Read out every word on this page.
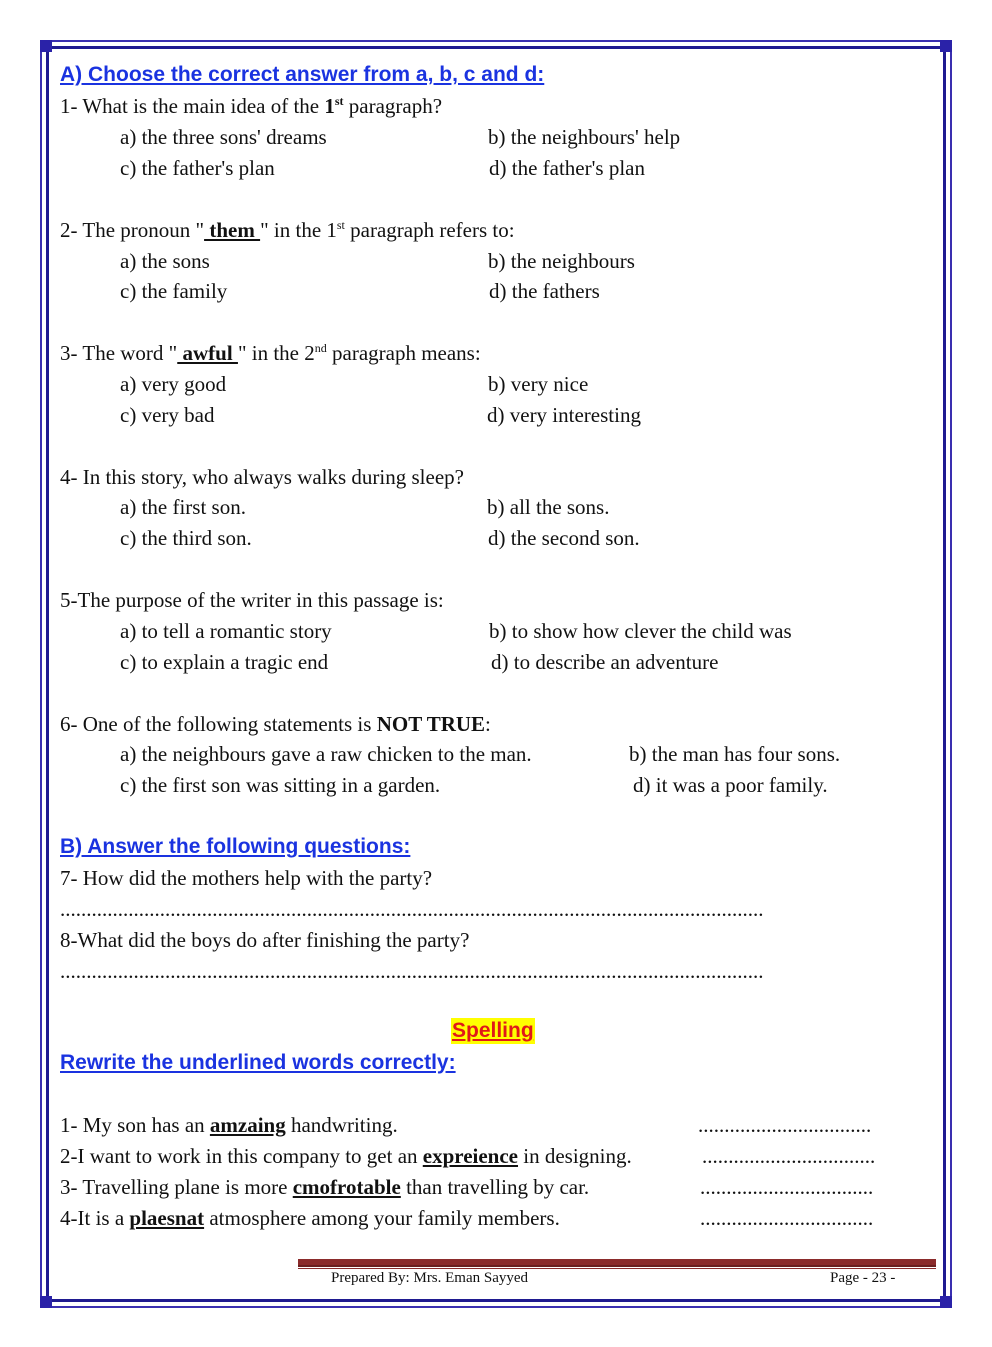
A) Choose the correct answer from a, b, c and d:
1- What is the main idea of the 1st paragraph?
a) the three sons' dreams	b) the neighbours' help
c) the father's plan	d) the father's plan
2- The pronoun " them " in the 1st paragraph refers to:
a) the sons	b) the neighbours
c) the family	d) the fathers
3- The word " awful " in the 2nd paragraph means:
a) very good	b) very nice
c) very bad	d) very interesting
4- In this story, who always walks during sleep?
a) the first son.	b) all the sons.
c) the third son.	d) the second son.
5-The purpose of the writer in this passage is:
a) to tell a romantic story	b) to show how clever the child was
c) to explain a tragic end	d) to describe an adventure
6- One of the following statements is NOT TRUE:
a) the neighbours gave a raw chicken to the man.	b) the man has four sons.
c) the first son was sitting in a garden.	d) it was a poor family.
B) Answer the following questions:
7- How did the mothers help with the party?
......................................................................................................................................
8-What did the boys do after finishing the party?
......................................................................................................................................
Rewrite the underlined words correctly:
1- My son has an amzaing handwriting.	.................................
2-I want to work in this company to get an expreience in designing.	.................................
3- Travelling plane is more cmofrotable than travelling by car.	.................................
4-It is a plaesnat atmosphere among your family members.	.................................
Spelling
Prepared By: Mrs. Eman Sayyed	Page - 23 -
